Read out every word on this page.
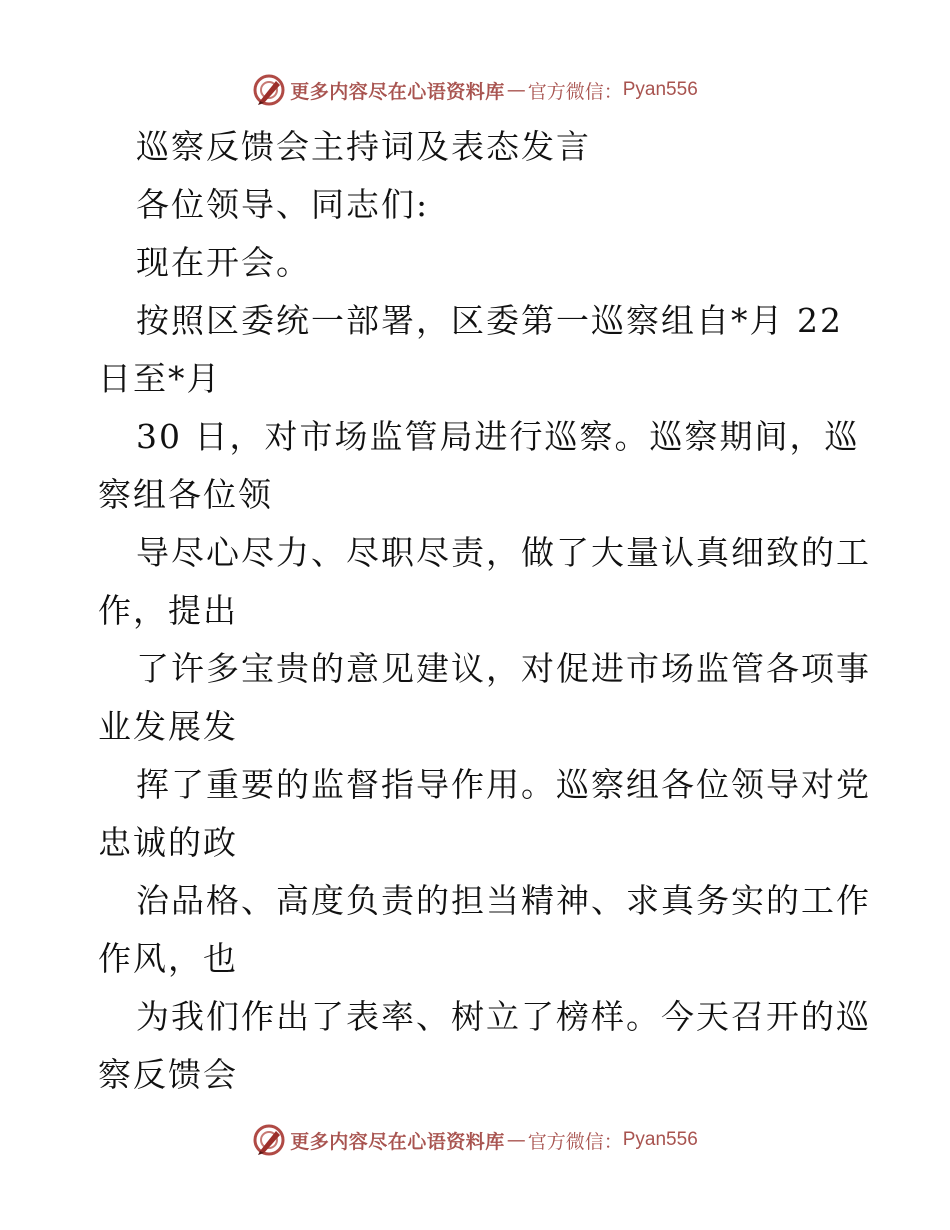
更多内容尽在心语资料库 — 官方微信： Pyan556
巡察反馈会主持词及表态发言
各位领导、同志们:
现在开会。
按照区委统一部署，区委第一巡察组自*月 22
日至*月
30 日，对市场监管局进行巡察。巡察期间，巡
察组各位领
导尽心尽力、尽职尽责，做了大量认真细致的工
作，提出
了许多宝贵的意见建议，对促进市场监管各项事
业发展发
挥了重要的监督指导作用。巡察组各位领导对党
忠诚的政
治品格、高度负责的担当精神、求真务实的工作
作风，也
为我们作出了表率、树立了榜样。今天召开的巡
察反馈会
更多内容尽在心语资料库 — 官方微信： Pyan556
